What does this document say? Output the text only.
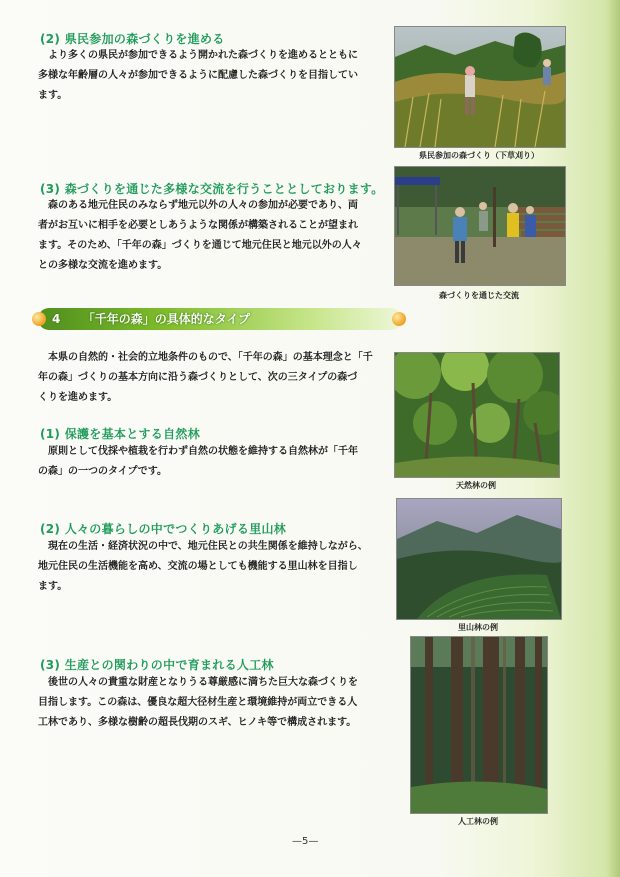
(2) 県民参加の森づくりを進める
より多くの県民が参加できるよう開かれた森づくりを進めるとともに
多様な年齢層の人々が参加できるように配慮した森づくりを目指してい
ます。
県民参加の森づくり（下草刈り）
(3) 森づくりを通じた多様な交流を行うこととしております。
森のある地元住民のみならず地元以外の人々の参加が必要であり、両
者がお互いに相手を必要としあうような関係が構築されることが望まれ
ます。そのため、「千年の森」づくりを通じて地元住民と地元以外の人々
との多様な交流を進めます。
森づくりを通じた交流
4 「千年の森」の具体的なタイプ
本県の自然的・社会的立地条件のもので、「千年の森」の基本理念と「千
年の森」づくりの基本方向に沿う森づくりとして、次の三タイプの森づ
くりを進めます。
(1) 保護を基本とする自然林
原則として伐採や植栽を行わず自然の状態を維持する自然林が「千年
の森」の一つのタイプです。
天然林の例
(2) 人々の暮らしの中でつくりあげる里山林
現在の生活・経済状況の中で、地元住民との共生関係を維持しながら、
地元住民の生活機能を高め、交流の場としても機能する里山林を目指し
ます。
里山林の例
(3) 生産との関わりの中で育まれる人工林
後世の人々の貴重な財産となりうる尊厳感に満ちた巨大な森づくりを
目指します。この森は、優良な超大径材生産と環境維持が両立できる人
工林であり、多様な樹齢の超長伐期のスギ、ヒノキ等で構成されます。
人工林の例
—5—
